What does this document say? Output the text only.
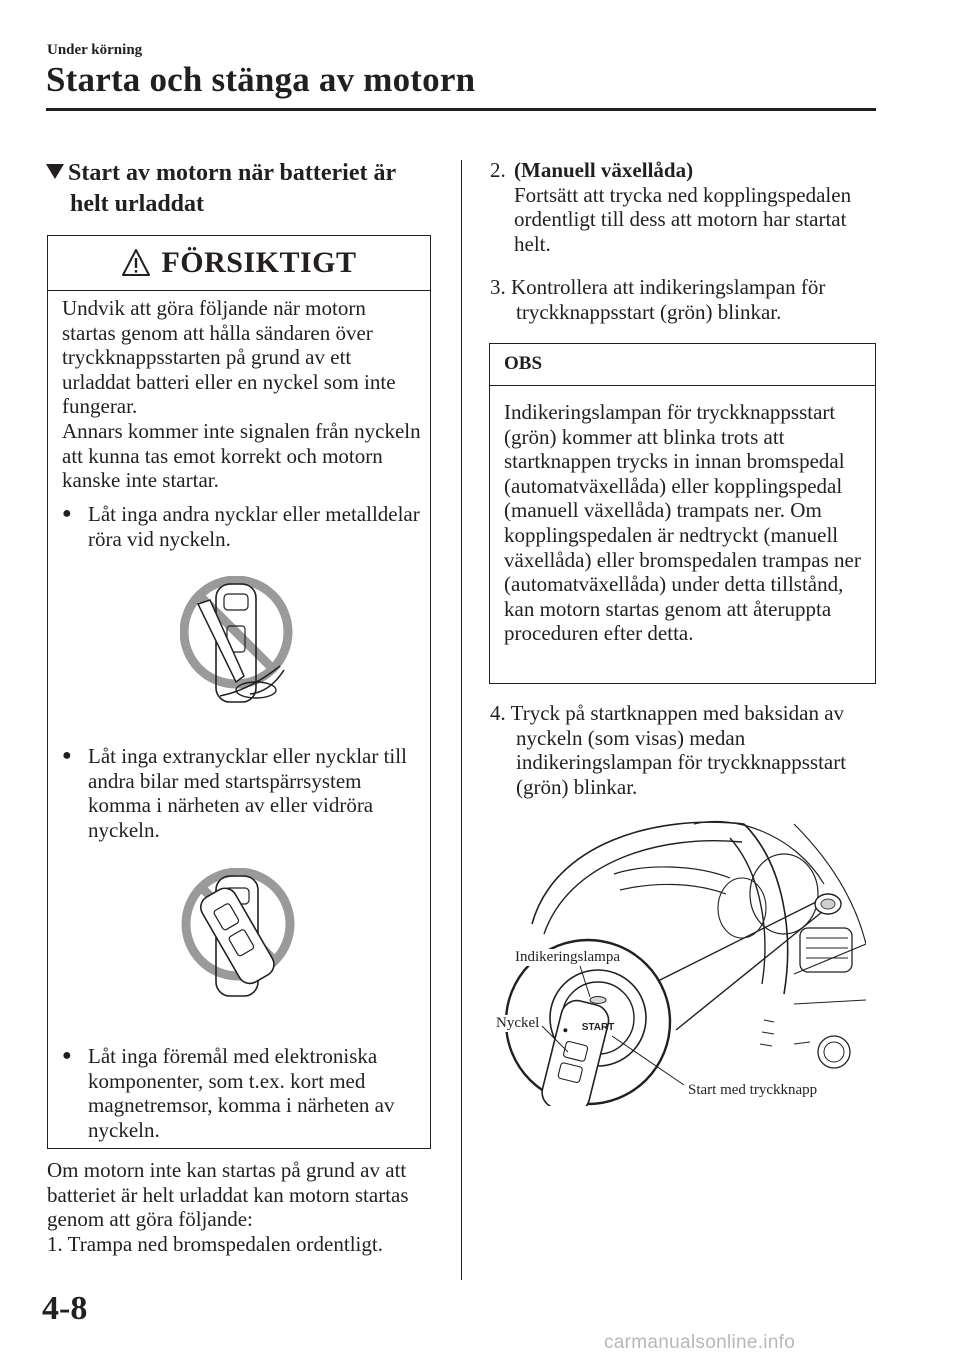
Under körning
Starta och stänga av motorn
Start av motorn när batteriet är
helt urladdat
FÖRSIKTIGT
Undvik att göra följande när motorn startas genom att hålla sändaren över tryckknappsstarten på grund av ett urladdat batteri eller en nyckel som inte fungerar.
Annars kommer inte signalen från nyckeln att kunna tas emot korrekt och motorn kanske inte startar.
● Låt inga andra nycklar eller metalldelar röra vid nyckeln.
● Låt inga extranycklar eller nycklar till andra bilar med startspärrsystem komma i närheten av eller vidröra nyckeln.
● Låt inga föremål med elektroniska komponenter, som t.ex. kort med magnetremsor, komma i närheten av nyckeln.
Om motorn inte kan startas på grund av att batteriet är helt urladdat kan motorn startas genom att göra följande:
1. Trampa ned bromspedalen ordentligt.
2. (Manuell växellåda)
Fortsätt att trycka ned kopplingspedalen ordentligt till dess att motorn har startat helt.
3. Kontrollera att indikeringslampan för tryckknappsstart (grön) blinkar.
OBS
Indikeringslampan för tryckknappsstart (grön) kommer att blinka trots att startknappen trycks in innan bromspedal (automatväxellåda) eller kopplingspedal (manuell växellåda) trampats ner. Om kopplingspedalen är nedtryckt (manuell växellåda) eller bromspedalen trampas ner (automatväxellåda) under detta tillstånd, kan motorn startas genom att återuppta proceduren efter detta.
4. Tryck på startknappen med baksidan av nyckeln (som visas) medan indikeringslampan för tryckknappsstart (grön) blinkar.
START
Indikeringslampa
Nyckel
Start med tryckknapp
4-8
carmanualsonline.info
